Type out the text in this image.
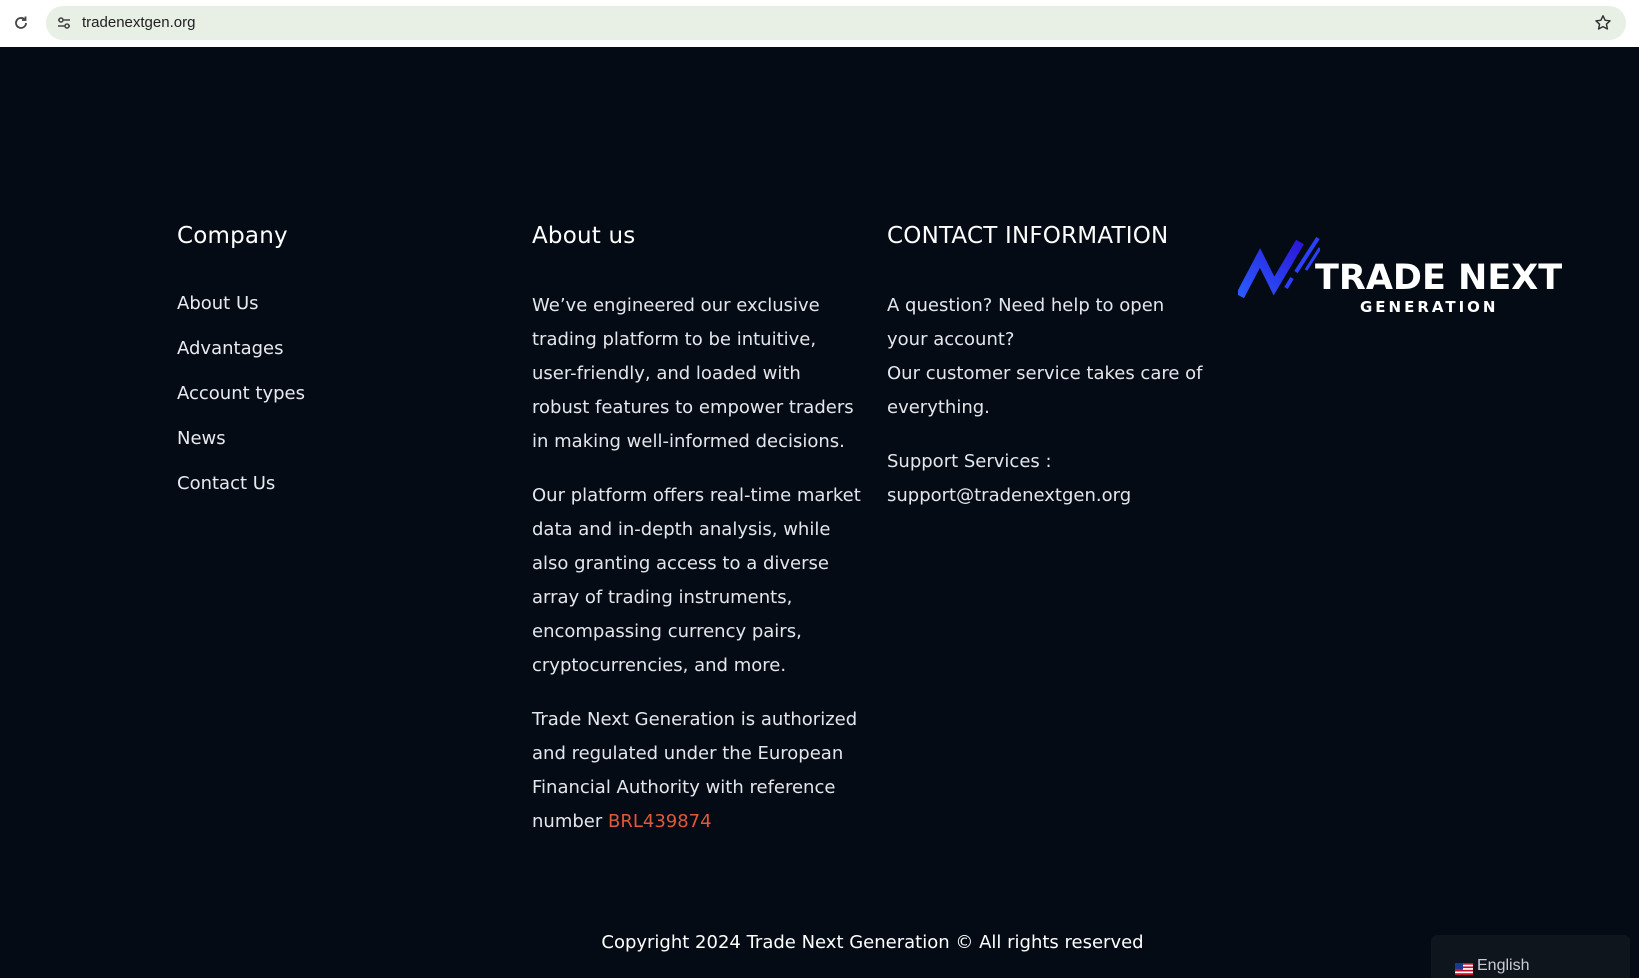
tradenextgen.org
Company
About Us
Advantages
Account types
News
Contact Us
About us

We’ve engineered our exclusive trading platform to be intuitive, user-friendly, and loaded with robust features to empower traders in making well-informed decisions.

Our platform offers real-time market data and in-depth analysis, while also granting access to a diverse array of trading instruments, encompassing currency pairs, cryptocurrencies, and more.

Trade Next Generation is authorized and regulated under the European Financial Authority with reference number BRL439874

CONTACT INFORMATION

A question? Need help to open your account?
Our customer service takes care of everything.

Support Services :
support@tradenextgen.org

TRADE NEXT
GENERATION
Copyright 2024 Trade Next Generation © All rights reserved
English
